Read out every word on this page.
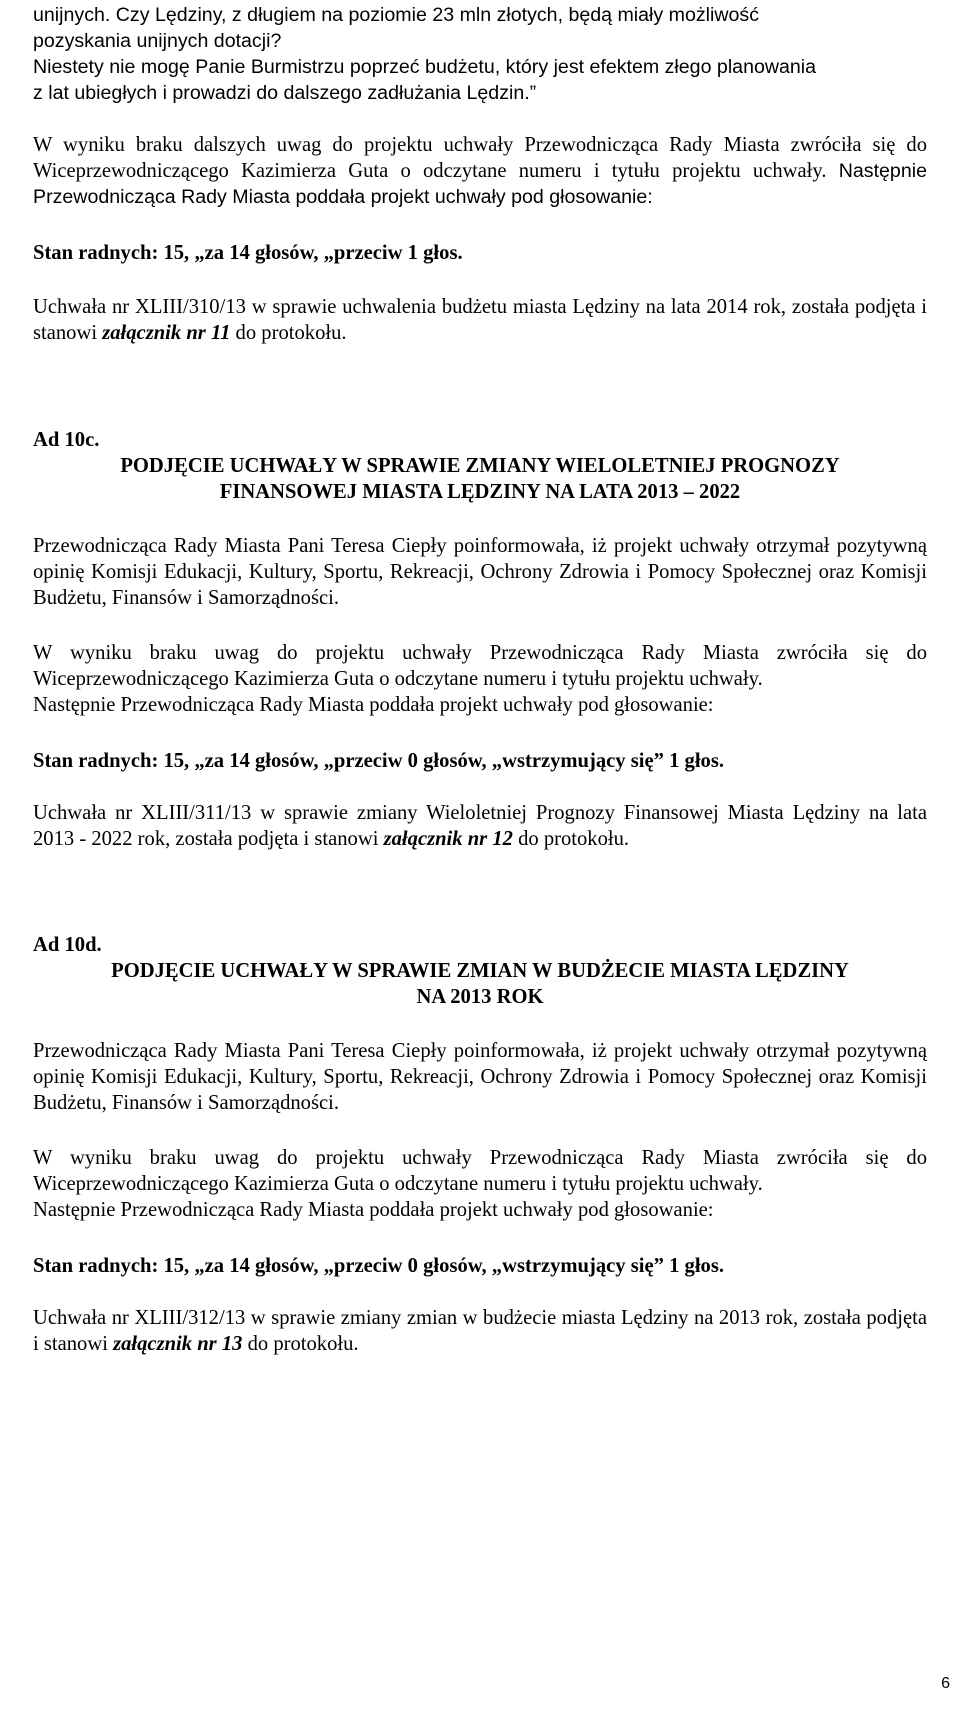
unijnych. Czy Lędziny, z długiem na poziomie 23 mln złotych, będą miały możliwość
pozyskania unijnych dotacji?
Niestety nie mogę Panie Burmistrzu poprzeć budżetu, który jest efektem złego planowania
z lat ubiegłych i prowadzi do dalszego zadłużania Lędzin.”

W wyniku braku dalszych uwag do projektu uchwały Przewodnicząca Rady Miasta zwróciła się do Wiceprzewodniczącego Kazimierza Guta o odczytane numeru i tytułu projektu uchwały. Następnie Przewodnicząca Rady Miasta poddała projekt uchwały pod głosowanie:

Stan radnych: 15, „za 14 głosów, „przeciw 1 głos.

Uchwała nr XLIII/310/13 w sprawie uchwalenia budżetu miasta Lędziny na lata 2014 rok, została podjęta i stanowi załącznik nr 11 do protokołu.

Ad 10c.
PODJĘCIE UCHWAŁY W SPRAWIE ZMIANY WIELOLETNIEJ PROGNOZY
FINANSOWEJ MIASTA LĘDZINY NA LATA 2013 – 2022

Przewodnicząca Rady Miasta Pani Teresa Ciepły poinformowała, iż projekt uchwały otrzymał pozytywną opinię Komisji Edukacji, Kultury, Sportu, Rekreacji, Ochrony Zdrowia i Pomocy Społecznej oraz Komisji Budżetu, Finansów i Samorządności.

W wyniku braku uwag do projektu uchwały Przewodnicząca Rady Miasta zwróciła się do Wiceprzewodniczącego Kazimierza Guta o odczytane numeru i tytułu projektu uchwały.

Następnie Przewodnicząca Rady Miasta poddała projekt uchwały pod głosowanie:

Stan radnych: 15, „za 14 głosów, „przeciw 0 głosów, „wstrzymujący się” 1 głos.

Uchwała nr XLIII/311/13 w sprawie zmiany Wieloletniej Prognozy Finansowej Miasta Lędziny na lata 2013 - 2022 rok, została podjęta i stanowi załącznik nr 12 do protokołu.

Ad 10d.
PODJĘCIE UCHWAŁY W SPRAWIE ZMIAN W BUDŻECIE MIASTA LĘDZINY
NA 2013 ROK

Przewodnicząca Rady Miasta Pani Teresa Ciepły poinformowała, iż projekt uchwały otrzymał pozytywną opinię Komisji Edukacji, Kultury, Sportu, Rekreacji, Ochrony Zdrowia i Pomocy Społecznej oraz Komisji Budżetu, Finansów i Samorządności.

W wyniku braku uwag do projektu uchwały Przewodnicząca Rady Miasta zwróciła się do Wiceprzewodniczącego Kazimierza Guta o odczytane numeru i tytułu projektu uchwały.

Następnie Przewodnicząca Rady Miasta poddała projekt uchwały pod głosowanie:

Stan radnych: 15, „za 14 głosów, „przeciw 0 głosów, „wstrzymujący się” 1 głos.

Uchwała nr XLIII/312/13 w sprawie zmiany zmian w budżecie miasta Lędziny na 2013 rok, została podjęta i stanowi załącznik nr 13 do protokołu.

6
